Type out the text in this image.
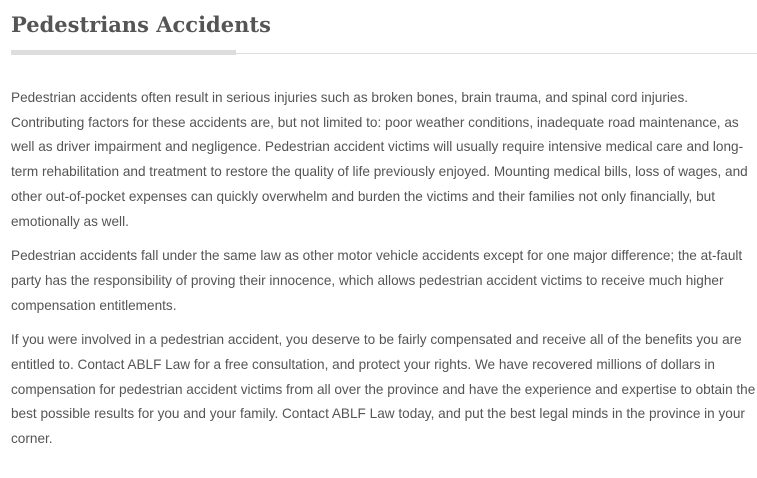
Pedestrians Accidents

Pedestrian accidents often result in serious injuries such as broken bones, brain trauma, and spinal cord injuries. Contributing factors for these accidents are, but not limited to: poor weather conditions, inadequate road maintenance, as well as driver impairment and negligence. Pedestrian accident victims will usually require intensive medical care and long-term rehabilitation and treatment to restore the quality of life previously enjoyed. Mounting medical bills, loss of wages, and other out-of-pocket expenses can quickly overwhelm and burden the victims and their families not only financially, but emotionally as well.

Pedestrian accidents fall under the same law as other motor vehicle accidents except for one major difference; the at-fault party has the responsibility of proving their innocence, which allows pedestrian accident victims to receive much higher compensation entitlements.

If you were involved in a pedestrian accident, you deserve to be fairly compensated and receive all of the benefits you are entitled to. Contact ABLF Law for a free consultation, and protect your rights. We have recovered millions of dollars in compensation for pedestrian accident victims from all over the province and have the experience and expertise to obtain the best possible results for you and your family. Contact ABLF Law today, and put the best legal minds in the province in your corner.
